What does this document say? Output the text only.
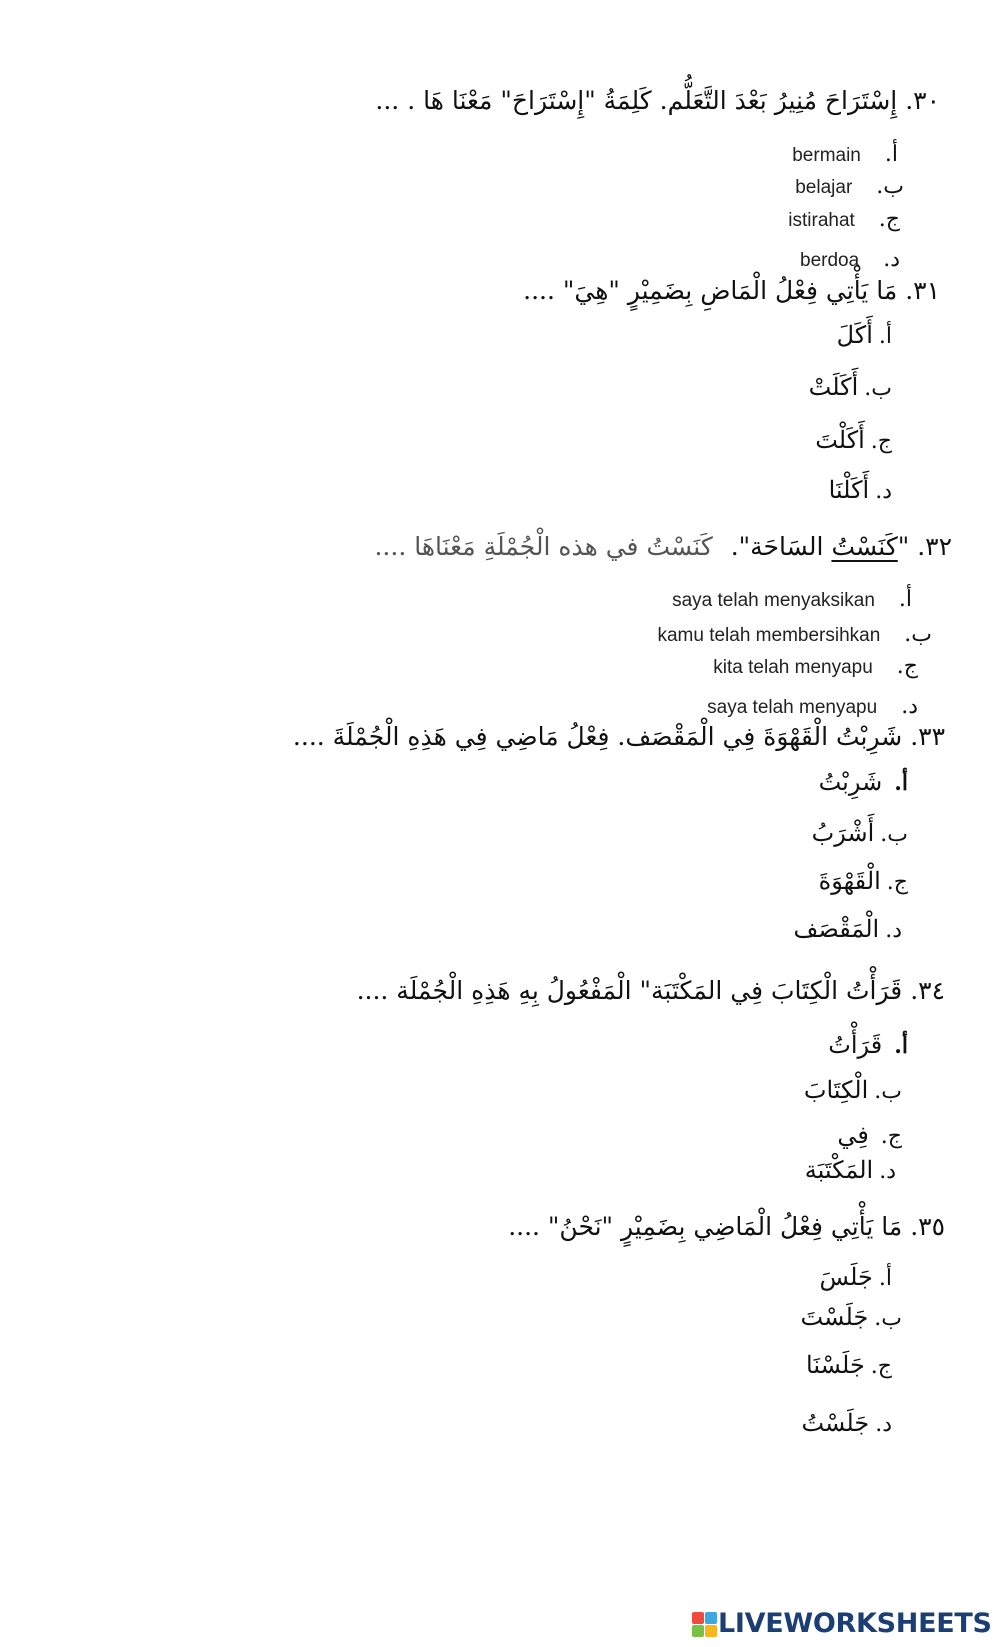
٣٠. إِسْتَرَاحَ مُنِيرُ بَعْدَ التَّعَلُّم. كَلِمَةُ "إِسْتَرَاحَ" مَعْنَا هَا . ...
أ.bermain
ب.belajar
ج.istirahat
د.berdoa
٣١. مَا يَأْتِي فِعْلُ الْمَاضِ بِضَمِيْرٍ "هِيَ" ....
أ.أَكَلَ
ب.أَكَلَتْ
ج.أَكَلْتَ
د.أَكَلْنَا
٣٢. "كَنَسْتُ السَاحَة". كَنَسْتُ في هذه الْجُمْلَةِ مَعْنَاهَا ....
أ.saya telah menyaksikan
ب.kamu telah membersihkan
ج.kita telah menyapu
د.saya telah menyapu
٣٣. شَرِبْتُ الْقَهْوَةَ فِي الْمَقْصَف. فِعْلُ مَاضِي فِي هَذِهِ الْجُمْلَةَ ....
أ.شَرِبْتُ
ب.أَشْرَبُ
ج.الْقَهْوَةَ
د.الْمَقْصَف
٣٤. قَرَأْتُ الْكِتَابَ فِي المَكْتَبَة" الْمَفْعُولُ بِهِ هَذِهِ الْجُمْلَة ....
أ.قَرَأْتُ
ب.الْكِتَابَ
ج.فِي
د.المَكْتَبَة
٣٥. مَا يَأْتِي فِعْلُ الْمَاضِي بِضَمِيْرٍ "نَحْنُ" ....
أ.جَلَسَ
ب.جَلَسْتَ
ج.جَلَسْنَا
د.جَلَسْتُ
LIVEWORKSHEETS
